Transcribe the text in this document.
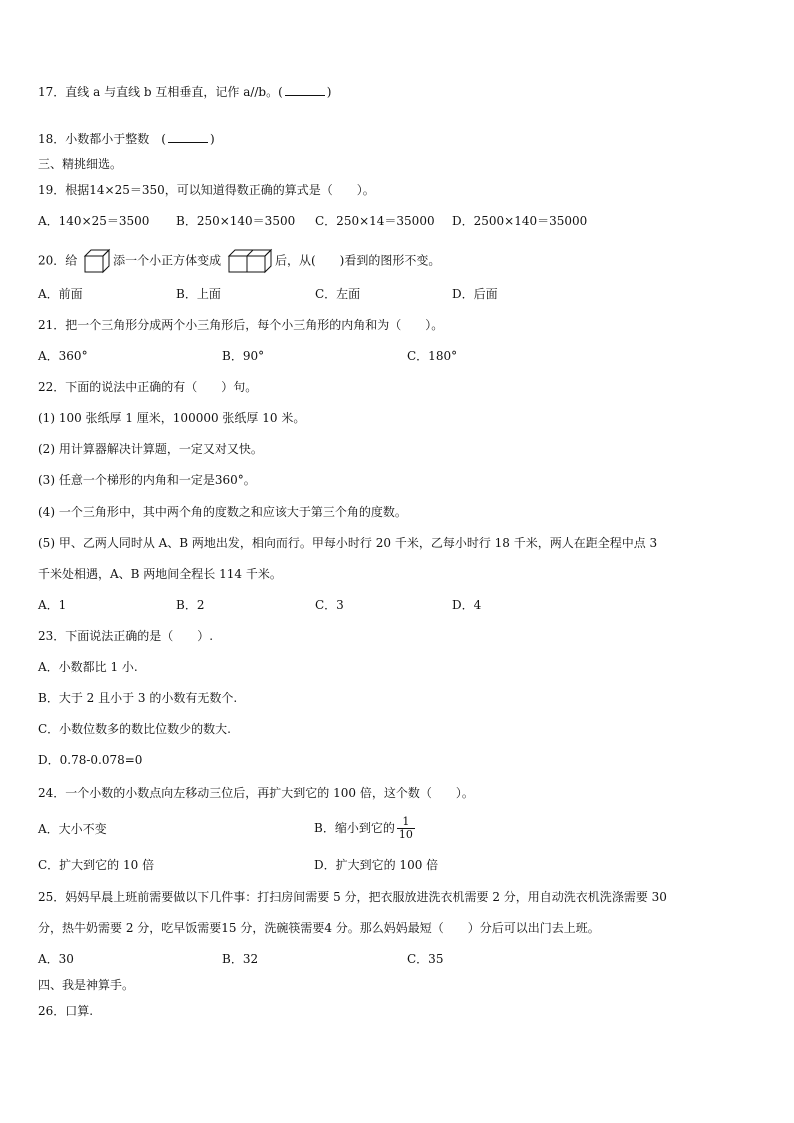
17．直线 a 与直线 b 互相垂直，记作 a//b。(	)
18．小数都小于整数　(	)
三、精挑细选。
19．根据14×25＝350，可以知道得数正确的算式是（　　）。
A．140×25＝3500 B．250×140＝3500 C．250×14＝35000 D．2500×140＝35000
20．给	添一个小正方体变成	后，从(　　)看到的图形不变。
A．前面	B．上面	C．左面	D．后面
21．把一个三角形分成两个小三角形后，每个小三角形的内角和为（　　）。
A．360°	B．90°	C．180°
22．下面的说法中正确的有（　　）句。
(1) 100 张纸厚 1 厘米，100000 张纸厚 10 米。
(2) 用计算器解决计算题，一定又对又快。
(3) 任意一个梯形的内角和一定是360°。
(4) 一个三角形中，其中两个角的度数之和应该大于第三个角的度数。
(5) 甲、乙两人同时从 A、B 两地出发，相向而行。甲每小时行 20 千米，乙每小时行 18 千米，两人在距全程中点 3
千米处相遇，A、B 两地间全程长 114 千米。
A．1	B．2	C．3	D．4
23．下面说法正确的是（　　）.
A．小数都比 1 小.
B．大于 2 且小于 3 的小数有无数个.
C．小数位数多的数比位数少的数大.
D．0.78-0.078=0
24．一个小数的小数点向左移动三位后，再扩大到它的 100 倍，这个数（　　）。
A．大小不变	B．缩小到它的 $\frac{1}{10}$
C．扩大到它的 10 倍	D．扩大到它的 100 倍
25．妈妈早晨上班前需要做以下几件事：打扫房间需要 5 分，把衣服放进洗衣机需要 2 分，用自动洗衣机洗涤需要 30
分，热牛奶需要 2 分，吃早饭需要15 分，洗碗筷需要4 分。那么妈妈最短（　　）分后可以出门去上班。
A．30	B．32	C．35
四、我是神算手。
26．口算.
